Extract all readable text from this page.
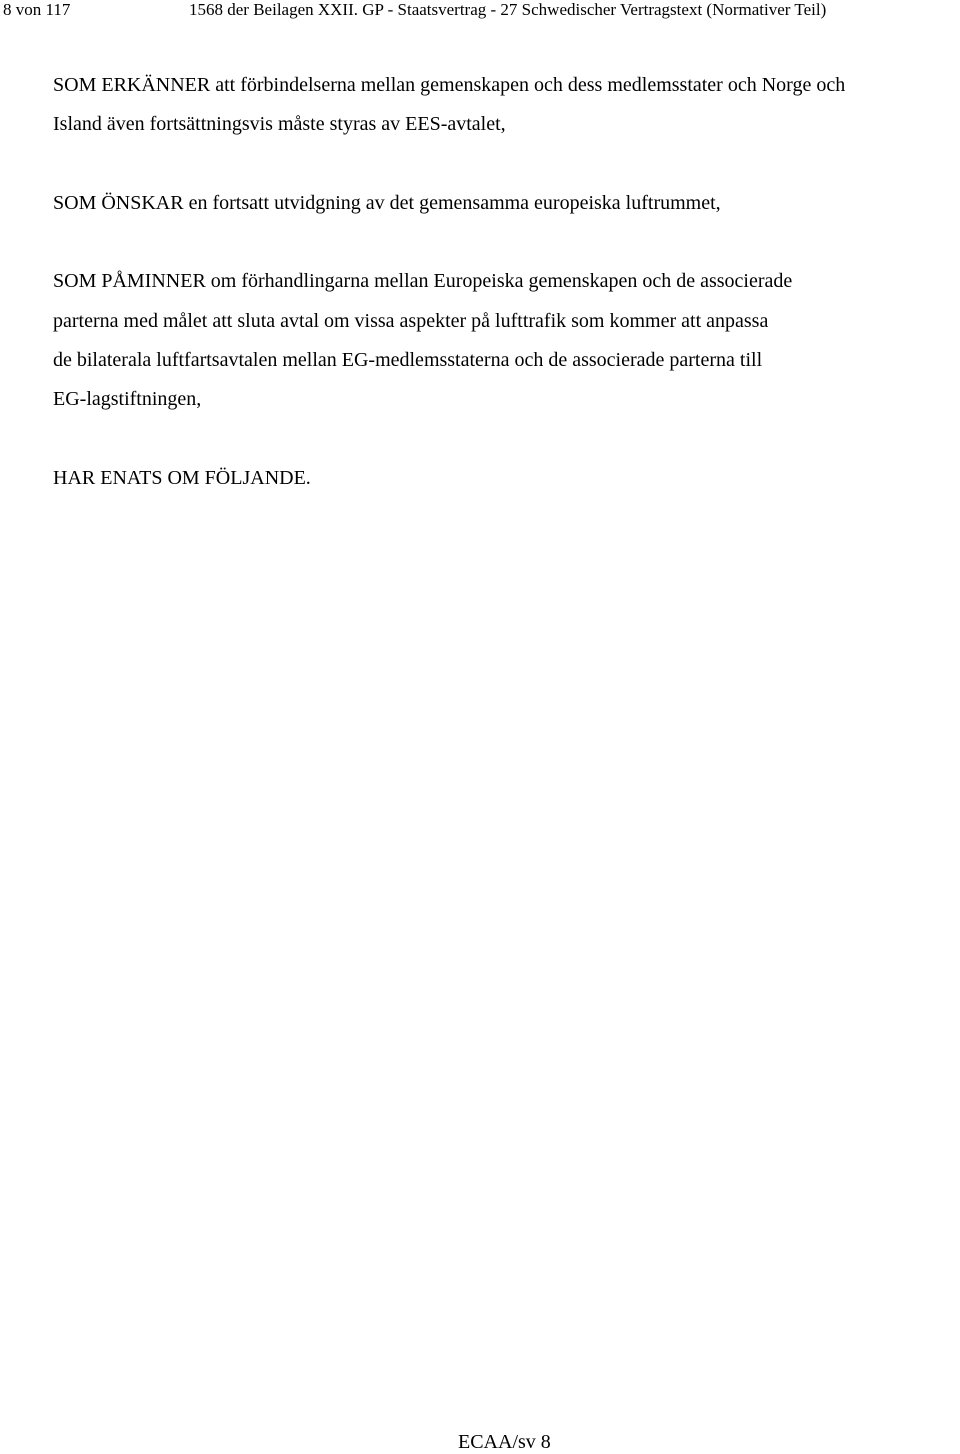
8 von 117	1568 der Beilagen XXII. GP - Staatsvertrag - 27 Schwedischer Vertragstext (Normativer Teil)
SOM ERKÄNNER att förbindelserna mellan gemenskapen och dess medlemsstater och Norge och
Island även fortsättningsvis måste styras av EES-avtalet,
SOM ÖNSKAR en fortsatt utvidgning av det gemensamma europeiska luftrummet,
SOM PÅMINNER om förhandlingarna mellan Europeiska gemenskapen och de associerade
parterna med målet att sluta avtal om vissa aspekter på lufttrafik som kommer att anpassa
de bilaterala luftfartsavtalen mellan EG-medlemsstaterna och de associerade parterna till
EG-lagstiftningen,
HAR ENATS OM FÖLJANDE.
ECAA/sv 8
